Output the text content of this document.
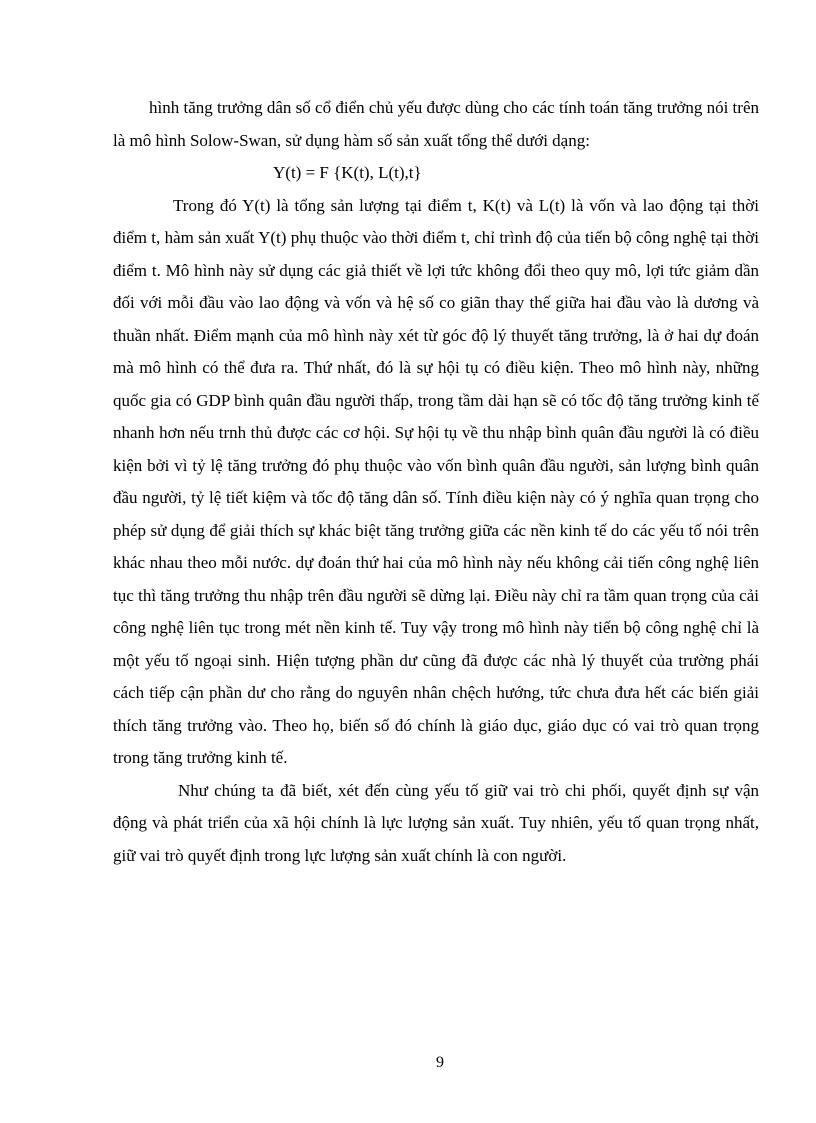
hình tăng trưởng dân số cổ điển chủ yếu được dùng cho các tính toán tăng trưởng nói trên là mô hình Solow-Swan, sử dụng hàm số sản xuất tổng thể dưới dạng:

Y(t) = F {K(t), L(t),t}

Trong đó Y(t) là tổng sản lượng tại điểm t, K(t) và L(t) là vốn và lao động tại thời điểm t, hàm sản xuất Y(t) phụ thuộc vào thời điểm t, chỉ trình độ của tiến bộ công nghệ tại thời điểm t. Mô hình này sử dụng các giả thiết về lợi tức không đổi theo quy mô, lợi tức giảm dần đối với mỗi đầu vào lao động và vốn và hệ số co giãn thay thế giữa hai đầu vào là dương và thuần nhất. Điểm mạnh của mô hình này xét từ góc độ lý thuyết tăng trưởng, là ở hai dự đoán mà mô hình có thể đưa ra. Thứ nhất, đó là sự hội tụ có điều kiện. Theo mô hình này, những quốc gia có GDP bình quân đầu người thấp, trong tầm dài hạn sẽ có tốc độ tăng trưởng kinh tế nhanh hơn nếu trnh thủ được các cơ hội. Sự hội tụ về thu nhập bình quân đầu người là có điều kiện bởi vì tỷ lệ tăng trưởng đó phụ thuộc vào vốn bình quân đầu người, sản lượng bình quân đầu người, tỷ lệ tiết kiệm và tốc độ tăng dân số. Tính điều kiện này có ý nghĩa quan trọng cho phép sử dụng để giải thích sự khác biệt tăng trưởng giữa các nền kinh tế do các yếu tố nói trên khác nhau theo mỗi nước. dự đoán thứ hai của mô hình này nếu không cải tiến công nghệ liên tục thì tăng trưởng thu nhập trên đầu người sẽ dừng lại. Điều này chỉ ra tầm quan trọng của cải công nghệ liên tục trong mét nền kinh tế. Tuy vậy trong mô hình này tiến bộ công nghệ chỉ là một yếu tố ngoại sinh. Hiện tượng phần dư cũng đã được các nhà lý thuyết của trường phái cách tiếp cận phần dư cho rằng do nguyên nhân chệch hướng, tức chưa đưa hết các biến giải thích tăng trưởng vào. Theo họ, biến số đó chính là giáo dục, giáo dục có vai trò quan trọng trong tăng trưởng kinh tế.

Như chúng ta đã biết, xét đến cùng yếu tố giữ vai trò chi phối, quyết định sự vận động và phát triển của xã hội chính là lực lượng sản xuất. Tuy nhiên, yếu tố quan trọng nhất, giữ vai trò quyết định trong lực lượng sản xuất chính là con người.

9
